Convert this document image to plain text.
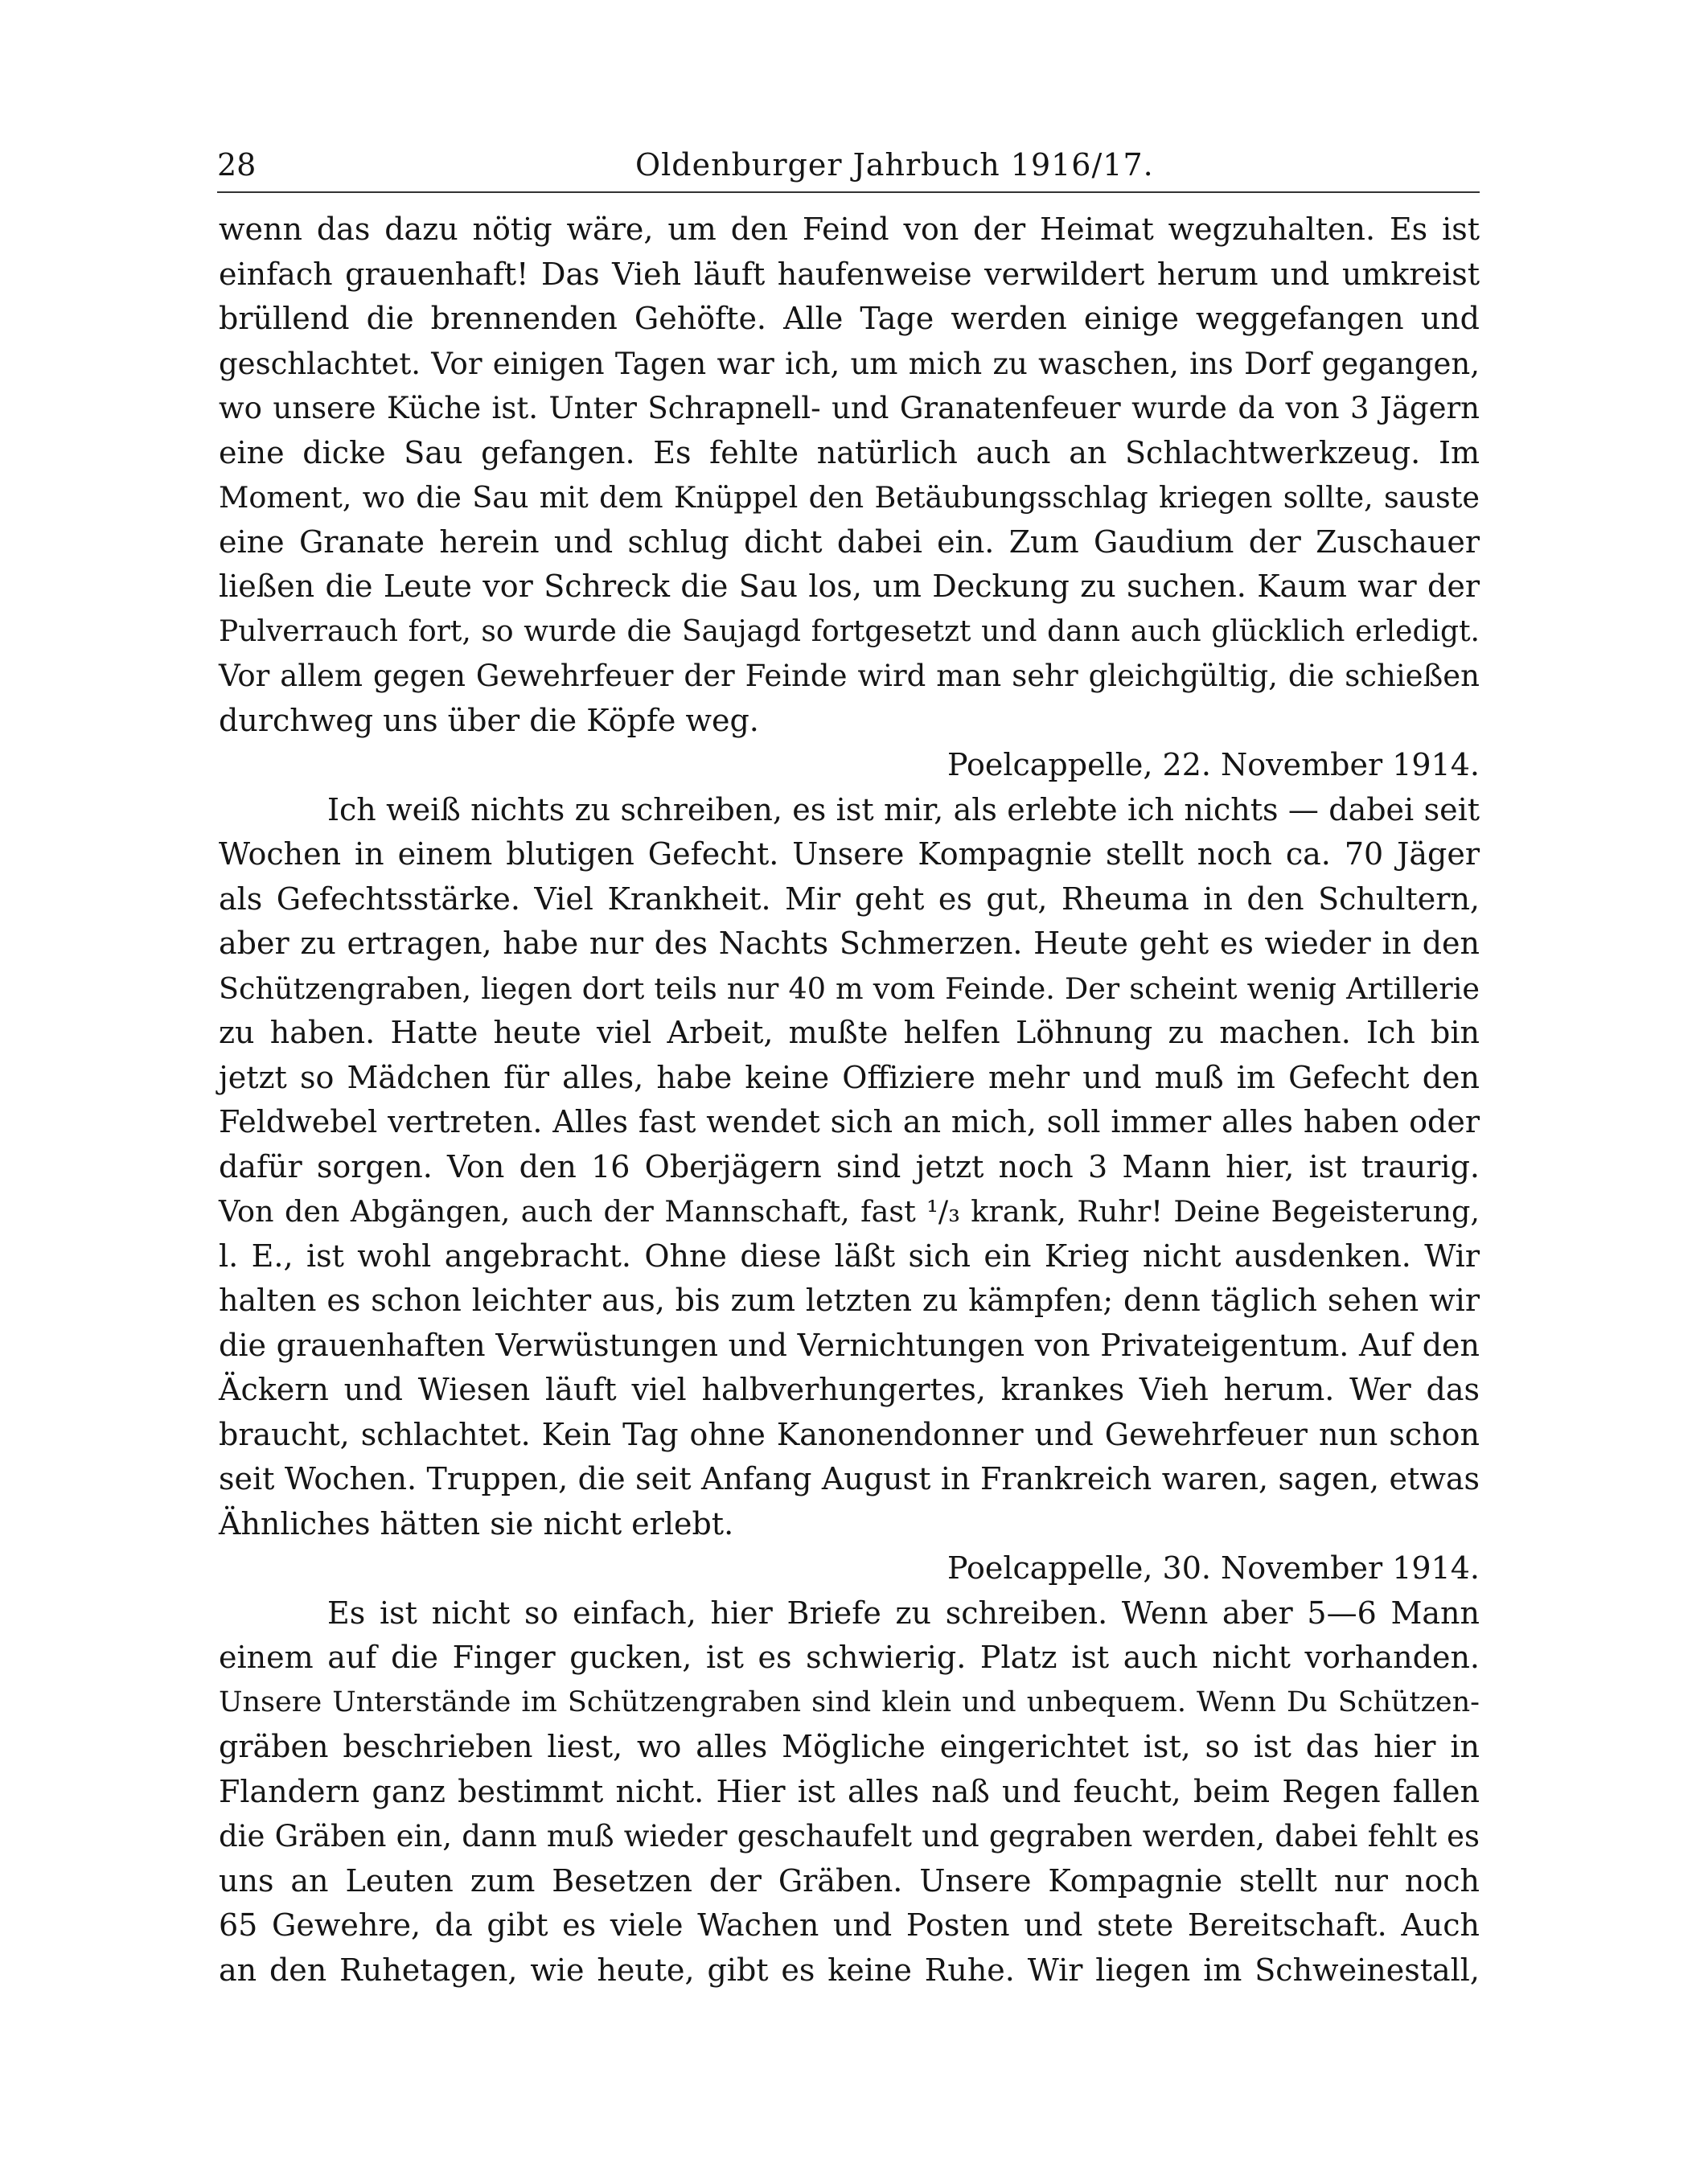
28	Oldenburger Jahrbuch 1916/17.
wenn das dazu nötig wäre, um den Feind von der Heimat wegzuhalten. Es ist
einfach grauenhaft! Das Vieh läuft haufenweise verwildert herum und umkreist
brüllend die brennenden Gehöfte. Alle Tage werden einige weggefangen und
geschlachtet. Vor einigen Tagen war ich, um mich zu waschen, ins Dorf gegangen,
wo unsere Küche ist. Unter Schrapnell- und Granatenfeuer wurde da von 3 Jägern
eine dicke Sau gefangen. Es fehlte natürlich auch an Schlachtwerkzeug. Im
Moment, wo die Sau mit dem Knüppel den Betäubungsschlag kriegen sollte, sauste
eine Granate herein und schlug dicht dabei ein. Zum Gaudium der Zuschauer
ließen die Leute vor Schreck die Sau los, um Deckung zu suchen. Kaum war der
Pulverrauch fort, so wurde die Saujagd fortgesetzt und dann auch glücklich erledigt.
Vor allem gegen Gewehrfeuer der Feinde wird man sehr gleichgültig, die schießen
durchweg uns über die Köpfe weg.
Poelcappelle, 22. November 1914.
Ich weiß nichts zu schreiben, es ist mir, als erlebte ich nichts — dabei seit
Wochen in einem blutigen Gefecht. Unsere Kompagnie stellt noch ca. 70 Jäger
als Gefechtsstärke. Viel Krankheit. Mir geht es gut, Rheuma in den Schultern,
aber zu ertragen, habe nur des Nachts Schmerzen. Heute geht es wieder in den
Schützengraben, liegen dort teils nur 40 m vom Feinde. Der scheint wenig Artillerie
zu haben. Hatte heute viel Arbeit, mußte helfen Löhnung zu machen. Ich bin
jetzt so Mädchen für alles, habe keine Offiziere mehr und muß im Gefecht den
Feldwebel vertreten. Alles fast wendet sich an mich, soll immer alles haben oder
dafür sorgen. Von den 16 Oberjägern sind jetzt noch 3 Mann hier, ist traurig.
Von den Abgängen, auch der Mannschaft, fast ¹/₃ krank, Ruhr! Deine Begeisterung,
l. E., ist wohl angebracht. Ohne diese läßt sich ein Krieg nicht ausdenken. Wir
halten es schon leichter aus, bis zum letzten zu kämpfen; denn täglich sehen wir
die grauenhaften Verwüstungen und Vernichtungen von Privateigentum. Auf den
Äckern und Wiesen läuft viel halbverhungertes, krankes Vieh herum. Wer das
braucht, schlachtet. Kein Tag ohne Kanonendonner und Gewehrfeuer nun schon
seit Wochen. Truppen, die seit Anfang August in Frankreich waren, sagen, etwas
Ähnliches hätten sie nicht erlebt.
Poelcappelle, 30. November 1914.
Es ist nicht so einfach, hier Briefe zu schreiben. Wenn aber 5—6 Mann
einem auf die Finger gucken, ist es schwierig. Platz ist auch nicht vorhanden.
Unsere Unterstände im Schützengraben sind klein und unbequem. Wenn Du Schützen-
gräben beschrieben liest, wo alles Mögliche eingerichtet ist, so ist das hier in
Flandern ganz bestimmt nicht. Hier ist alles naß und feucht, beim Regen fallen
die Gräben ein, dann muß wieder geschaufelt und gegraben werden, dabei fehlt es
uns an Leuten zum Besetzen der Gräben. Unsere Kompagnie stellt nur noch
65 Gewehre, da gibt es viele Wachen und Posten und stete Bereitschaft. Auch
an den Ruhetagen, wie heute, gibt es keine Ruhe. Wir liegen im Schweinestall,
